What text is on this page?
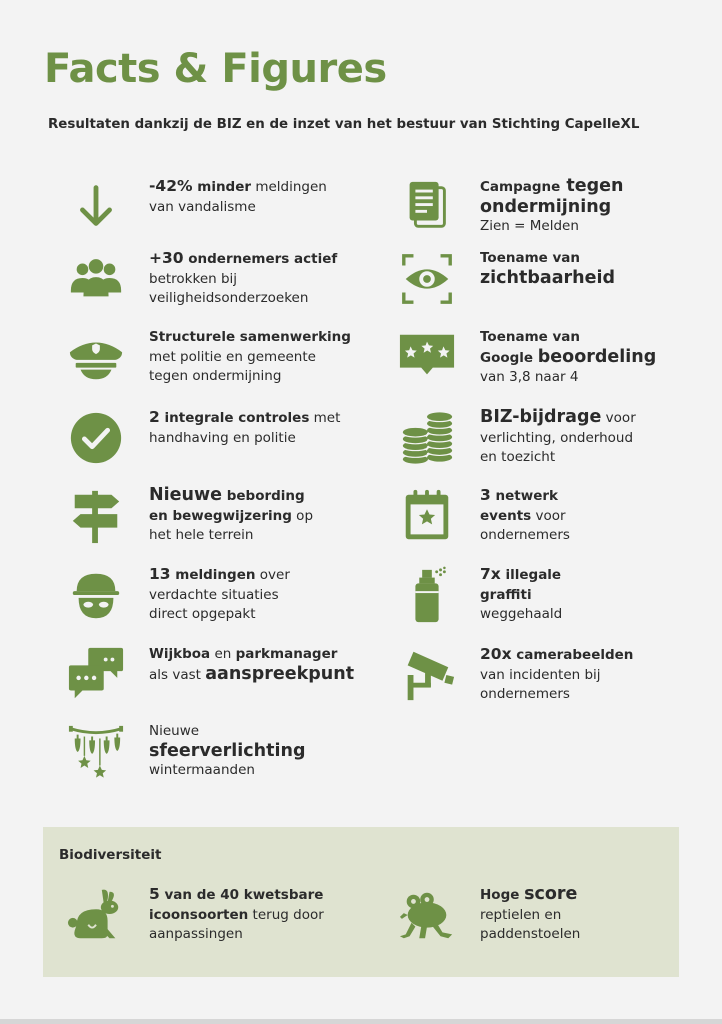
Facts & Figures

Resultaten dankzij de BIZ en de inzet van het bestuur van Stichting CapelleXL

-42% minder meldingen
van vandalisme
+30 ondernemers actief
betrokken bij
veiligheidsonderzoeken
Structurele samenwerking
met politie en gemeente
tegen ondermijning
2 integrale controles met
handhaving en politie
Nieuwe bebording
en bewegwijzering op
het hele terrein
13 meldingen over
verdachte situaties
direct opgepakt
Wijkboa en parkmanager
als vast aanspreekpunt
Nieuwe
sfeerverlichting
wintermaanden
Campagne tegen
ondermijning
Zien = Melden
Toename van
zichtbaarheid
Toename van
Google beoordeling
van 3,8 naar 4
BIZ-bijdrage voor
verlichting, onderhoud
en toezicht
3 netwerk
events voor
ondernemers
7x illegale
graffiti
weggehaald
20x camerabeelden
van incidenten bij
ondernemers
Biodiversiteit
5 van de 40 kwetsbare
icoonsoorten terug door
aanpassingen
Hoge score
reptielen en
paddenstoelen
